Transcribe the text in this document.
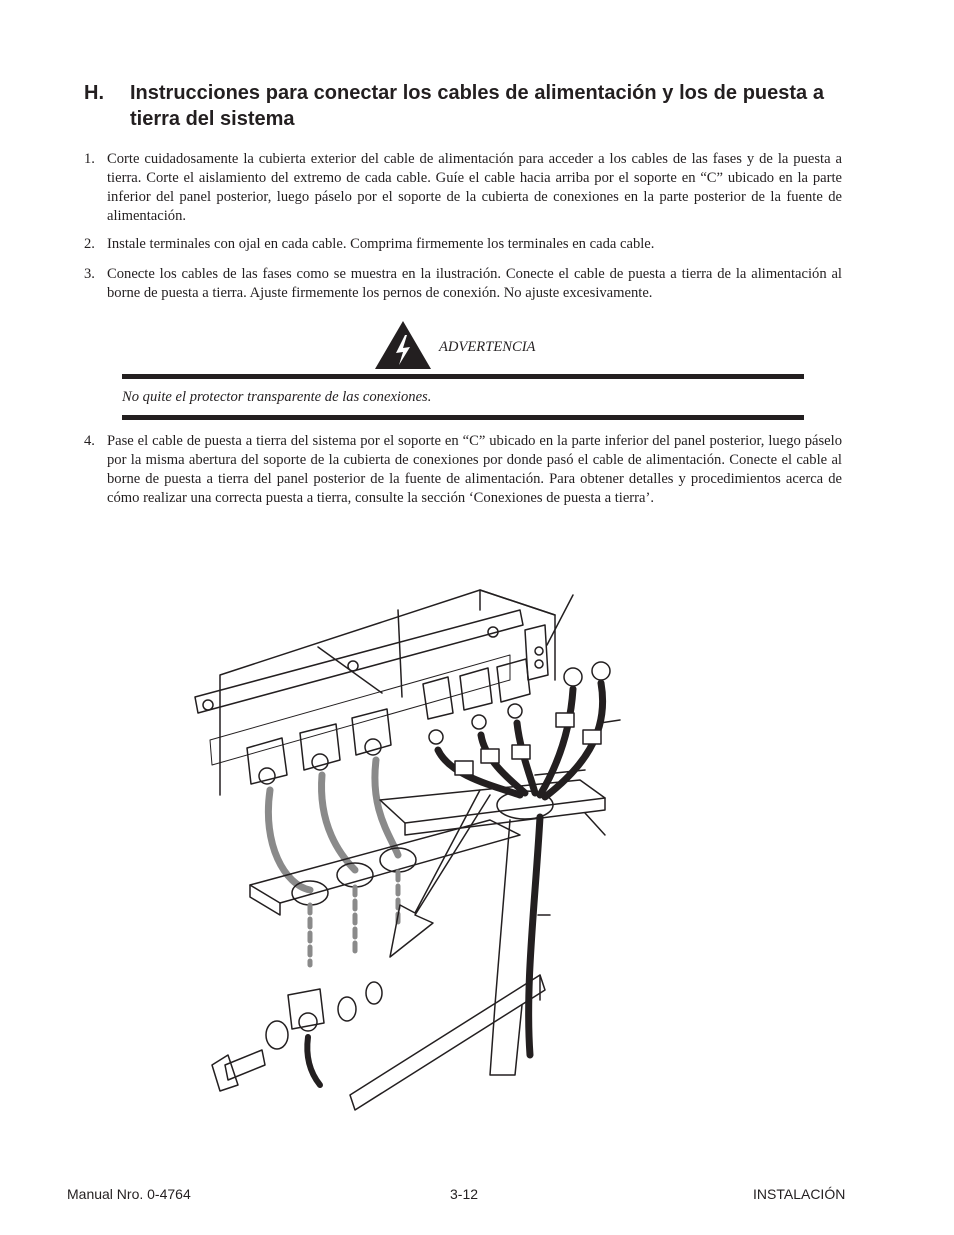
H. Instrucciones para conectar los cables de alimentación y los de puesta a tierra del sistema
1. Corte cuidadosamente la cubierta exterior del cable de alimentación para acceder a los cables de las fases y de la puesta a tierra. Corte el aislamiento del extremo de cada cable. Guíe el cable hacia arriba por el soporte en “C” ubicado en la parte inferior del panel posterior, luego páselo por el soporte de la cubierta de conexiones en la parte posterior de la fuente de alimentación.
2. Instale terminales con ojal en cada cable. Comprima firmemente los terminales en cada cable.
3. Conecte los cables de las fases como se muestra en la ilustración. Conecte el cable de puesta a tierra de la alimentación al borne de puesta a tierra. Ajuste firmemente los pernos de conexión. No ajuste excesivamente.
ADVERTENCIA
No quite el protector transparente de las conexiones.
4. Pase el cable de puesta a tierra del sistema por el soporte en “C” ubicado en la parte inferior del panel posterior, luego páselo por la misma abertura del soporte de la cubierta de conexiones por donde pasó el cable de alimentación. Conecte el cable al borne de puesta a tierra del panel posterior de la fuente de alimentación. Para obtener detalles y procedimientos acerca de cómo realizar una correcta puesta a tierra, consulte la sección ‘Conexiones de puesta a tierra’.
Manual Nro. 0-4764	3-12	INSTALACIÓN
